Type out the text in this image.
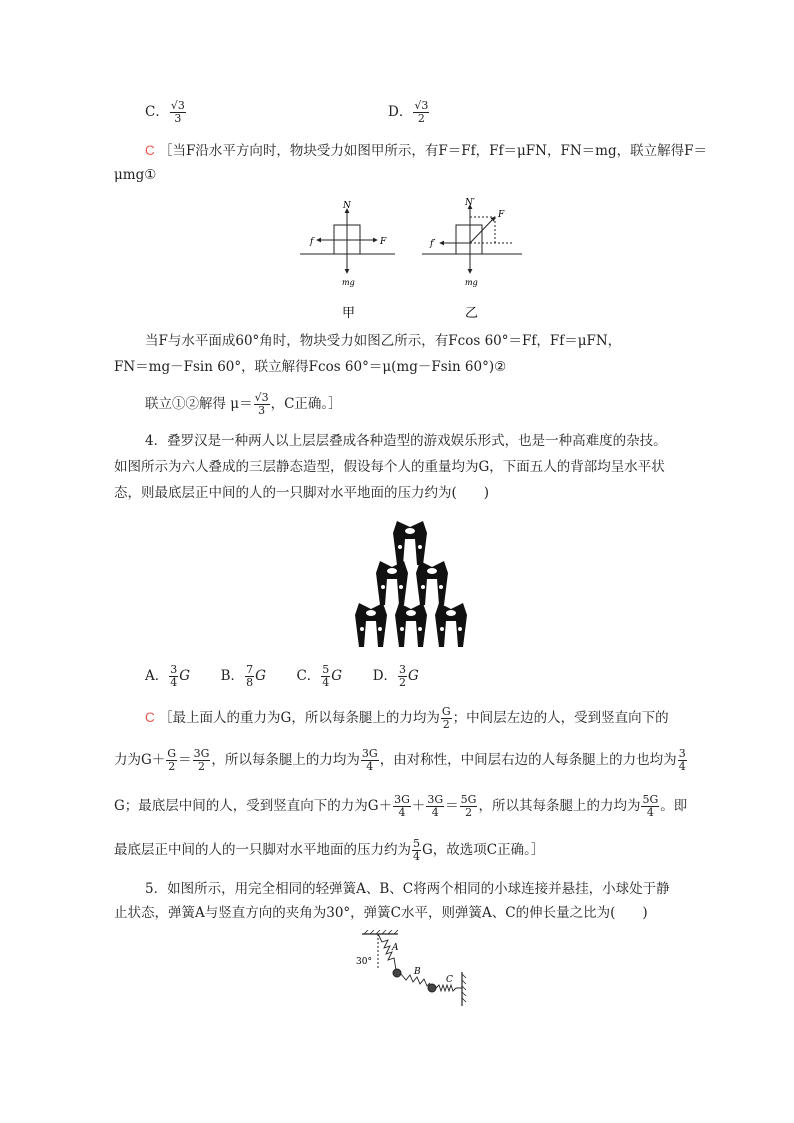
C． $\frac{√3}{3}$	D． $\frac{√3}{2}$
C ［当F沿水平方向时，物块受力如图甲所示，有F＝Ff，Ff＝μFN，FN＝mg，联立解得F＝
μmg①
N
F
f
mg
甲
N′
F
f′
mg
乙
当F与水平面成60°角时，物块受力如图乙所示，有Fcos 60°＝Ff，Ff＝μFN，
FN＝mg－Fsin 60°，联立解得Fcos 60°＝μ(mg－Fsin 60°)②
联立①②解得 $\mu= \frac{√3}{3}$ ，C正确。］
4．叠罗汉是一种两人以上层层叠成各种造型的游戏娱乐形式，也是一种高难度的杂技。
如图所示为六人叠成的三层静态造型，假设每个人的重量均为G，下面五人的背部均呈水平状
态，则最底层正中间的人的一只脚对水平地面的压力约为(　　)
A． $\frac{3}{4}$ G B． $\frac{7}{8}$ G C． $\frac{5}{4}$ G D． $\frac{3}{2}$ G
C ［最上面人的重力为G，所以每条腿上的力均为 $\frac{G}{2}$ ；中间层左边的人，受到竖直向下的
力为$G+ \frac{G}{2} = \frac{3G}{2}$ ，所以每条腿上的力均为 $\frac{3G}{4}$ ，由对称性，中间层右边的人每条腿上的力也均为 $\frac{3}{4}$
G；最底层中间的人，受到竖直向下的力为$G+ \frac{3G}{4} + \frac{3G}{4} = \frac{5G}{2}$ ，所以其每条腿上的力均为 $\frac{5G}{4}$ 。即
最底层正中间的人的一只脚对水平地面的压力约为 $\frac{5}{4}$ G，故选项C正确。］
5．如图所示，用完全相同的轻弹簧A、B、C将两个相同的小球连接并悬挂，小球处于静
止状态，弹簧A与竖直方向的夹角为30°，弹簧C水平，则弹簧A、C的伸长量之比为(　　)
30°
A
B
C
